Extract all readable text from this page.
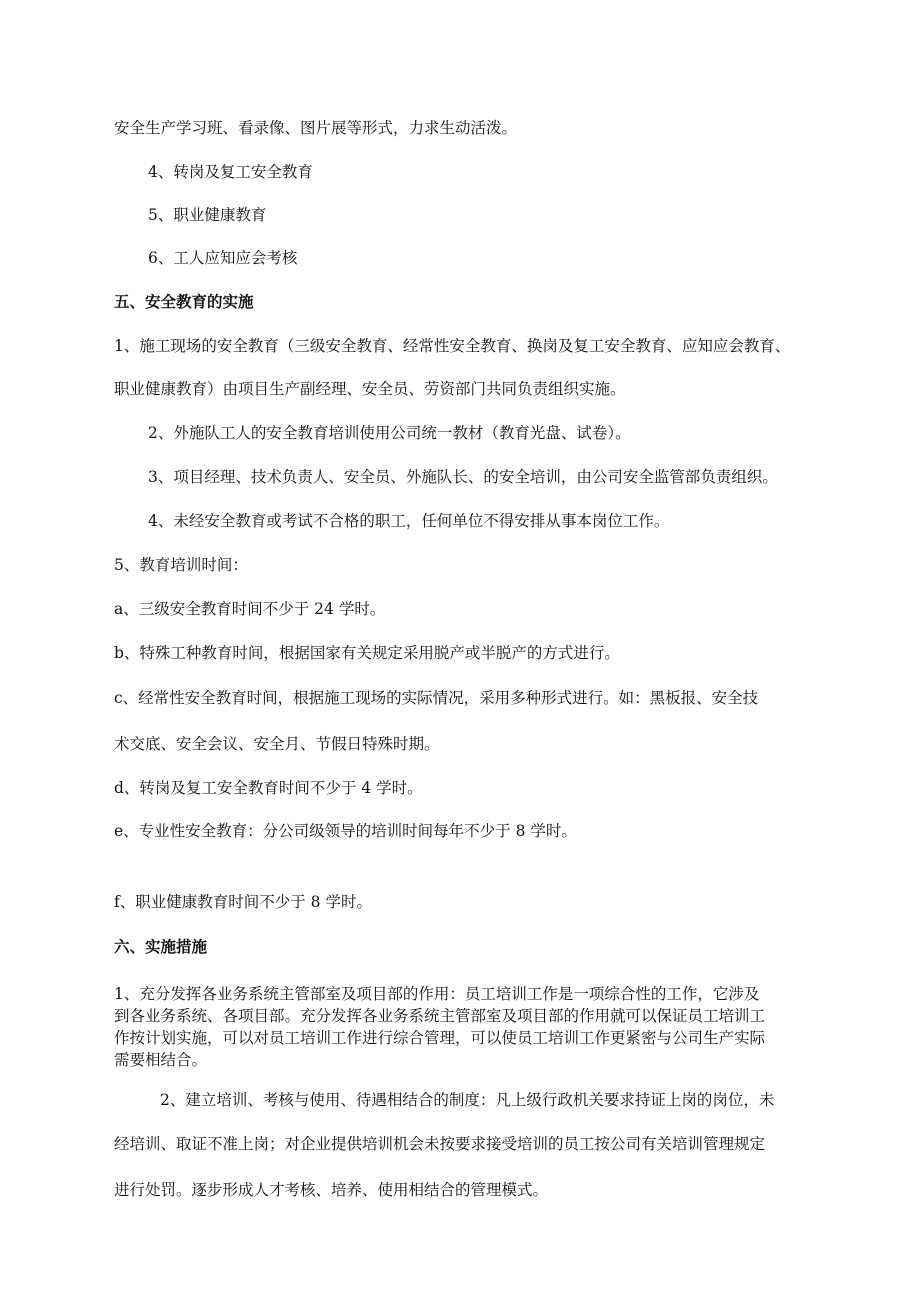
安全生产学习班、看录像、图片展等形式，力求生动活泼。

4、转岗及复工安全教育

5、职业健康教育

6、工人应知应会考核

五、安全教育的实施

1、施工现场的安全教育（三级安全教育、经常性安全教育、换岗及复工安全教育、应知应会教育、

职业健康教育）由项目生产副经理、安全员、劳资部门共同负责组织实施。

2、外施队工人的安全教育培训使用公司统一教材（教育光盘、试卷）。

3、项目经理、技术负责人、安全员、外施队长、的安全培训，由公司安全监管部负责组织。

4、未经安全教育或考试不合格的职工，任何单位不得安排从事本岗位工作。

5、教育培训时间：

a、三级安全教育时间不少于 24 学时。

b、特殊工种教育时间，根据国家有关规定采用脱产或半脱产的方式进行。

c、经常性安全教育时间，根据施工现场的实际情况，采用多种形式进行。如：黑板报、安全技

术交底、安全会议、安全月、节假日特殊时期。

d、转岗及复工安全教育时间不少于 4 学时。

e、专业性安全教育：分公司级领导的培训时间每年不少于 8 学时。

f、职业健康教育时间不少于 8 学时。

六、实施措施

1、充分发挥各业务系统主管部室及项目部的作用：员工培训工作是一项综合性的工作，它涉及

到各业务系统、各项目部。充分发挥各业务系统主管部室及项目部的作用就可以保证员工培训工

作按计划实施，可以对员工培训工作进行综合管理，可以使员工培训工作更紧密与公司生产实际

需要相结合。

2、建立培训、考核与使用、待遇相结合的制度：凡上级行政机关要求持证上岗的岗位，未

经培训、取证不准上岗；对企业提供培训机会未按要求接受培训的员工按公司有关培训管理规定

进行处罚。逐步形成人才考核、培养、使用相结合的管理模式。
